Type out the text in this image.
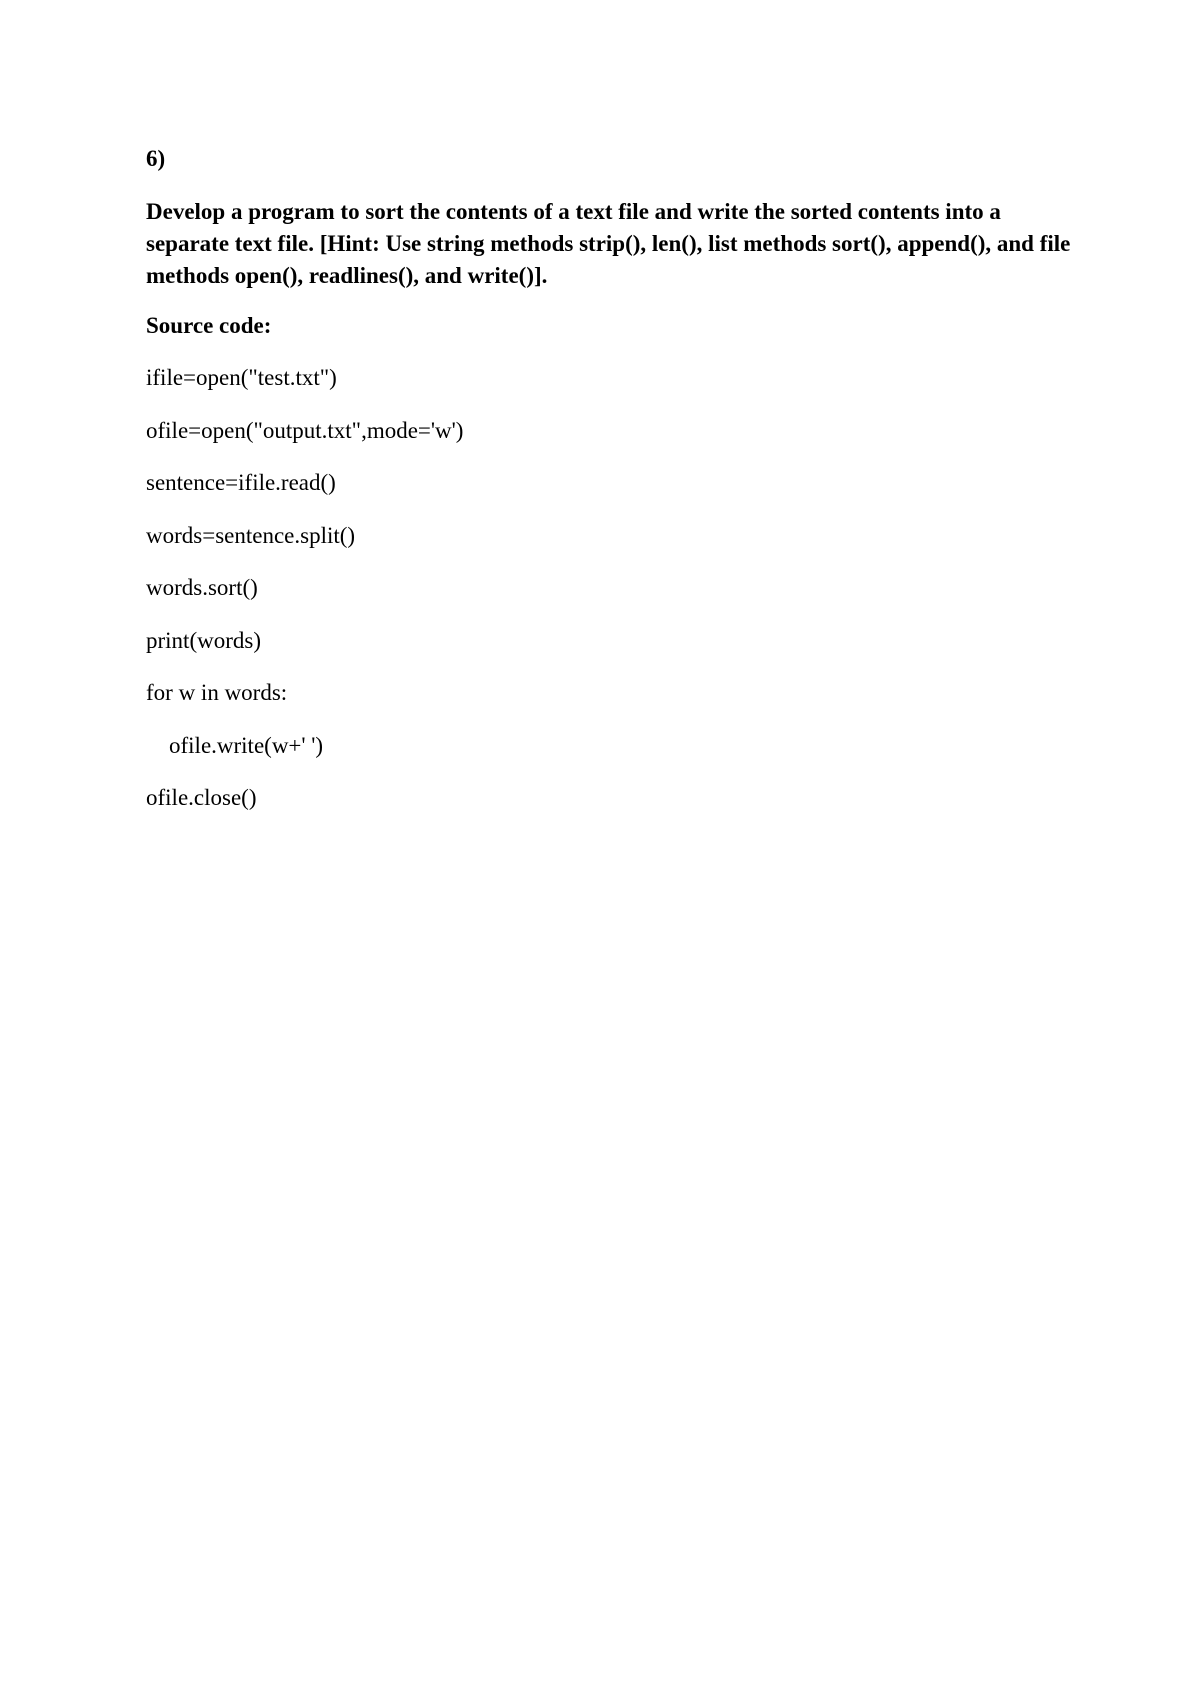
6)
Develop a program to sort the contents of a text file and write the sorted contents into a separate text file. [Hint: Use string methods strip(), len(), list methods sort(), append(), and file methods open(), readlines(), and write()].
Source code:
ifile=open("test.txt")
ofile=open("output.txt",mode='w')
sentence=ifile.read()
words=sentence.split()
words.sort()
print(words)
for w in words:
ofile.write(w+' ')
ofile.close()
